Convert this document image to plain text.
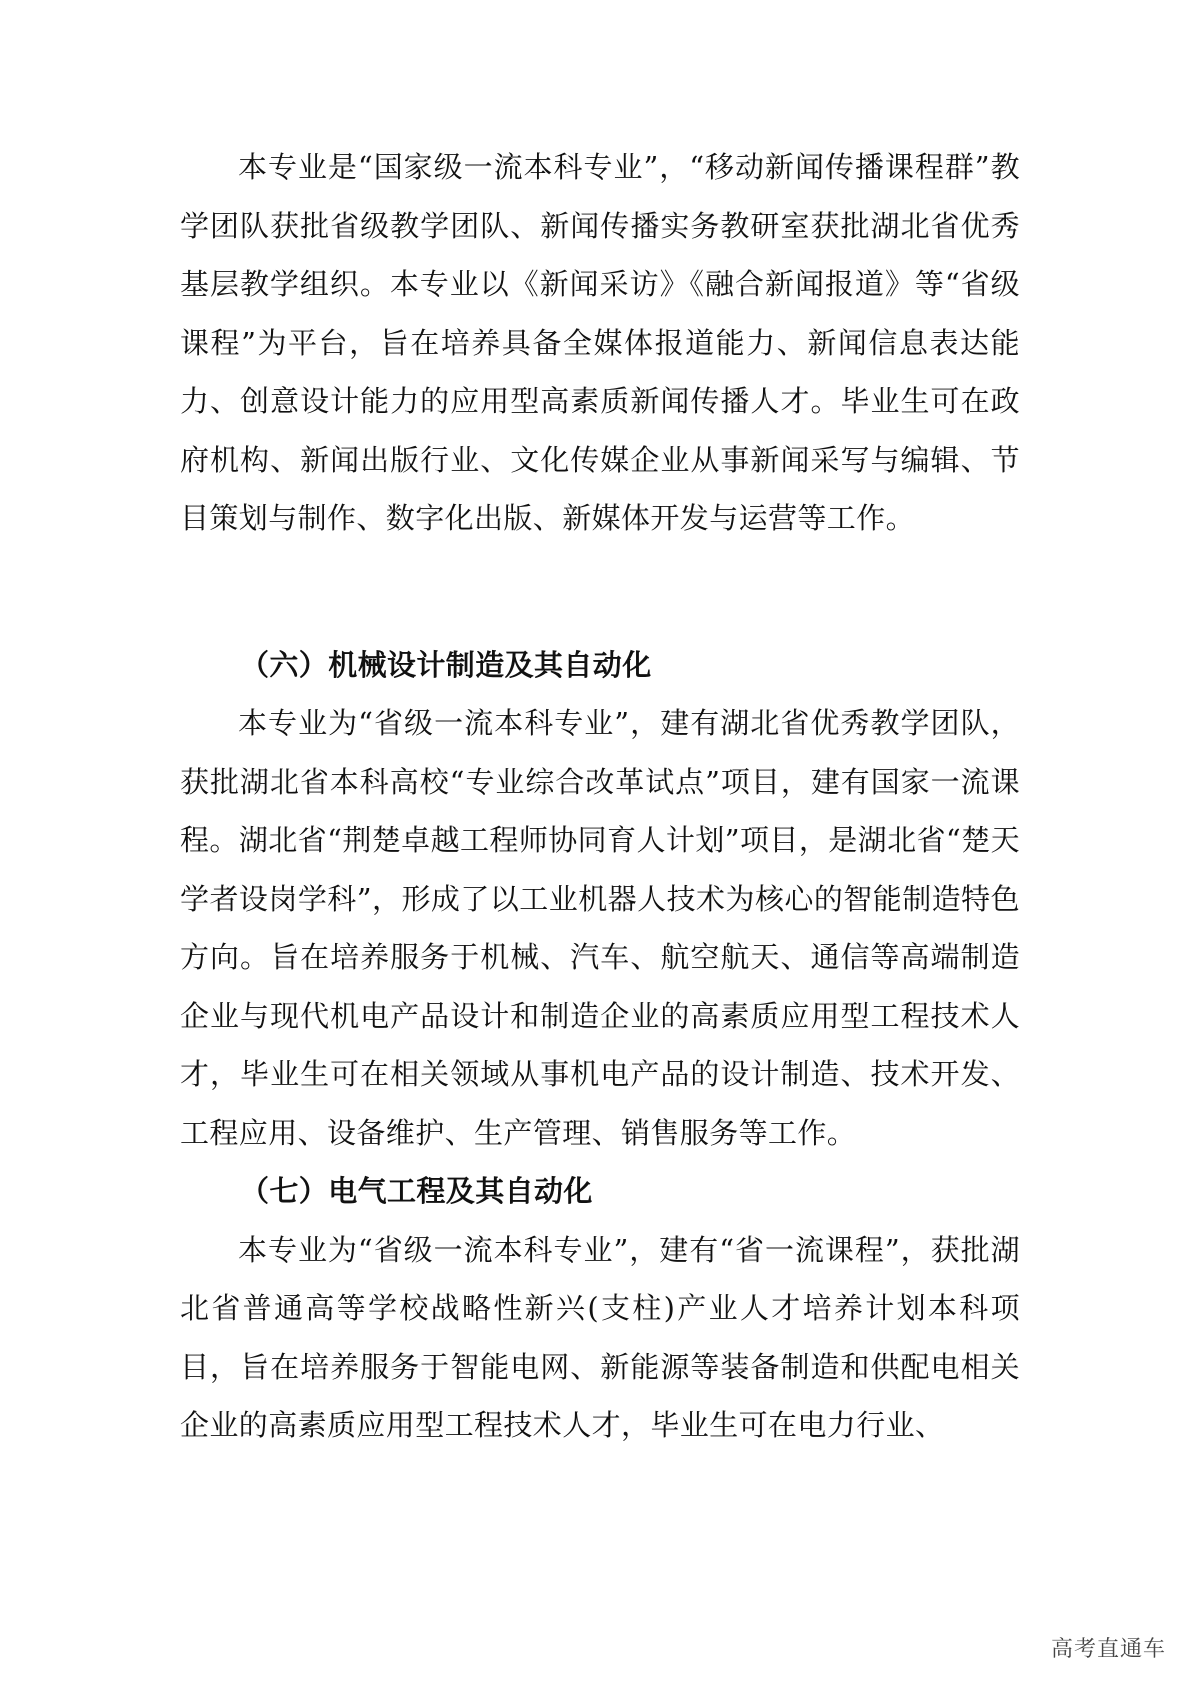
本专业是“国家级一流本科专业”，“移动新闻传播课程群”教学团队获批省级教学团队、新闻传播实务教研室获批湖北省优秀基层教学组织。本专业以《新闻采访》《融合新闻报道》等“省级课程”为平台，旨在培养具备全媒体报道能力、新闻信息表达能力、创意设计能力的应用型高素质新闻传播人才。毕业生可在政府机构、新闻出版行业、文化传媒企业从事新闻采写与编辑、节目策划与制作、数字化出版、新媒体开发与运营等工作。

（六）机械设计制造及其自动化

本专业为“省级一流本科专业”，建有湖北省优秀教学团队，获批湖北省本科高校“专业综合改革试点”项目，建有国家一流课程。湖北省“荆楚卓越工程师协同育人计划”项目，是湖北省“楚天学者设岗学科”，形成了以工业机器人技术为核心的智能制造特色方向。旨在培养服务于机械、汽车、航空航天、通信等高端制造企业与现代机电产品设计和制造企业的高素质应用型工程技术人才，毕业生可在相关领域从事机电产品的设计制造、技术开发、工程应用、设备维护、生产管理、销售服务等工作。

（七）电气工程及其自动化

本专业为“省级一流本科专业”，建有“省一流课程”，获批湖北省普通高等学校战略性新兴(支柱)产业人才培养计划本科项目，旨在培养服务于智能电网、新能源等装备制造和供配电相关企业的高素质应用型工程技术人才，毕业生可在电力行业、

高考直通车
